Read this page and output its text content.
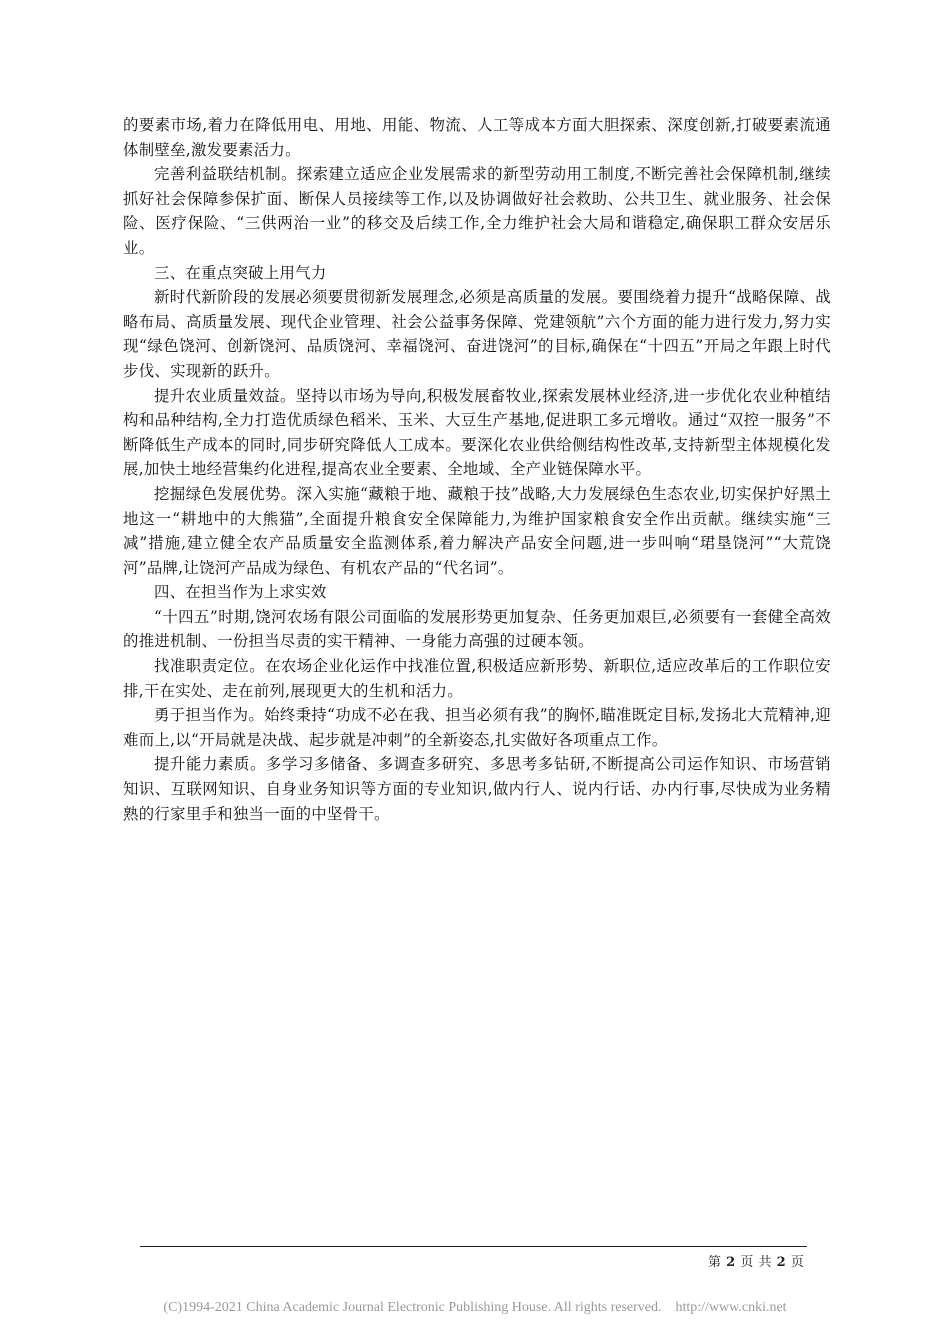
的要素市场,着力在降低用电、用地、用能、物流、人工等成本方面大胆探索、深度创新,打破要素流通体制壁垒,激发要素活力。

完善利益联结机制。探索建立适应企业发展需求的新型劳动用工制度,不断完善社会保障机制,继续抓好社会保障参保扩面、断保人员接续等工作,以及协调做好社会救助、公共卫生、就业服务、社会保险、医疗保险、“三供两治一业”的移交及后续工作,全力维护社会大局和谐稳定,确保职工群众安居乐业。

三、在重点突破上用气力

新时代新阶段的发展必须要贯彻新发展理念,必须是高质量的发展。要围绕着力提升“战略保障、战略布局、高质量发展、现代企业管理、社会公益事务保障、党建领航”六个方面的能力进行发力,努力实现“绿色饶河、创新饶河、品质饶河、幸福饶河、奋进饶河”的目标,确保在“十四五”开局之年跟上时代步伐、实现新的跃升。

提升农业质量效益。坚持以市场为导向,积极发展畜牧业,探索发展林业经济,进一步优化农业种植结构和品种结构,全力打造优质绿色稻米、玉米、大豆生产基地,促进职工多元增收。通过“双控一服务”不断降低生产成本的同时,同步研究降低人工成本。要深化农业供给侧结构性改革,支持新型主体规模化发展,加快土地经营集约化进程,提高农业全要素、全地域、全产业链保障水平。

挖掘绿色发展优势。深入实施“藏粮于地、藏粮于技”战略,大力发展绿色生态农业,切实保护好黑土地这一“耕地中的大熊猫”,全面提升粮食安全保障能力,为维护国家粮食安全作出贡献。继续实施“三减”措施,建立健全农产品质量安全监测体系,着力解决产品安全问题,进一步叫响“珺垦饶河”“大荒饶河”品牌,让饶河产品成为绿色、有机农产品的“代名词”。

四、在担当作为上求实效

“十四五”时期,饶河农场有限公司面临的发展形势更加复杂、任务更加艰巨,必须要有一套健全高效的推进机制、一份担当尽责的实干精神、一身能力高强的过硬本领。

找准职责定位。在农场企业化运作中找准位置,积极适应新形势、新职位,适应改革后的工作职位安排,干在实处、走在前列,展现更大的生机和活力。

勇于担当作为。始终秉持“功成不必在我、担当必须有我”的胸怀,瞄准既定目标,发扬北大荒精神,迎难而上,以“开局就是决战、起步就是冲刺”的全新姿态,扎实做好各项重点工作。

提升能力素质。多学习多储备、多调查多研究、多思考多钻研,不断提高公司运作知识、市场营销知识、互联网知识、自身业务知识等方面的专业知识,做内行人、说内行话、办内行事,尽快成为业务精熟的行家里手和独当一面的中坚骨干。

第 2 页 共 2 页
(C)1994-2021 China Academic Journal Electronic Publishing House. All rights reserved.    http://www.cnki.net
